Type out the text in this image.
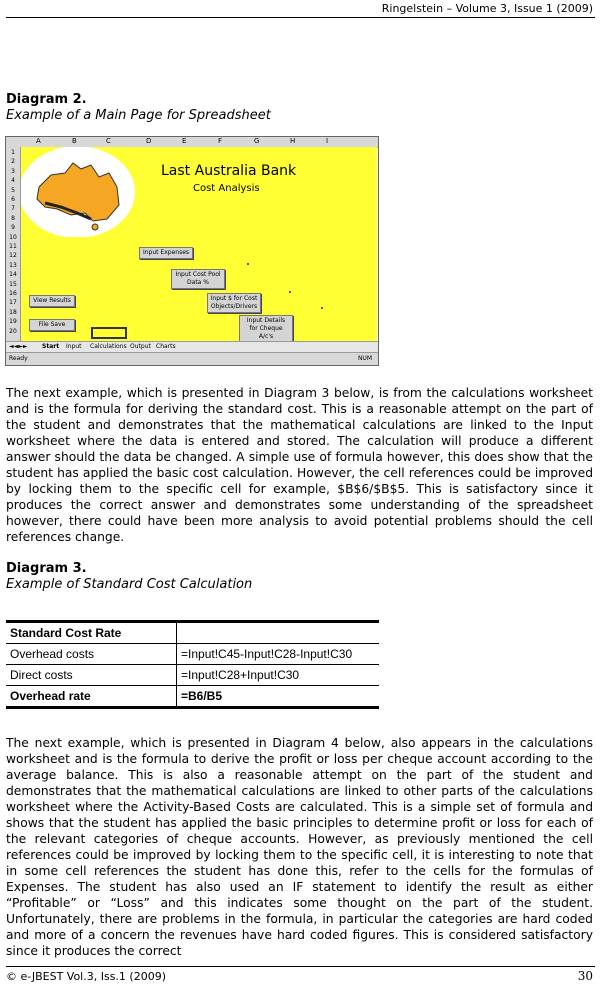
Ringelstein – Volume 3, Issue 1 (2009)
Diagram 2.
Example of a Main Page for Spreadsheet
A	B	C	D	E	F	G	H	I
1
2
3
4
5
6
7
8
9
10
11
12
13
14
15
16
17
18
19
20
Last Australia Bank
Cost Analysis
Input Expenses
Input Cost Pool Data %
Input $ for Cost Objects/Drivers
Input Details for Cheque A/c's
View Results
File Save
◄◄►► Start Input Calculations Output Charts
Ready	NUM
The next example, which is presented in Diagram 3 below, is from the calculations worksheet and is the formula for deriving the standard cost. This is a reasonable attempt on the part of the student and demonstrates that the mathematical calculations are linked to the Input worksheet where the data is entered and stored. The calculation will produce a different answer should the data be changed. A simple use of formula however, this does show that the student has applied the basic cost calculation. However, the cell references could be improved by locking them to the specific cell for example, $B$6/$B$5. This is satisfactory since it produces the correct answer and demonstrates some understanding of the spreadsheet however, there could have been more analysis to avoid potential problems should the cell references change.
Diagram 3.
Example of Standard Cost Calculation
Standard Cost Rate	
Overhead costs	=Input!C45-Input!C28-Input!C30
Direct costs	=Input!C28+Input!C30
Overhead rate	=B6/B5
The next example, which is presented in Diagram 4 below, also appears in the calculations worksheet and is the formula to derive the profit or loss per cheque account according to the average balance. This is also a reasonable attempt on the part of the student and demonstrates that the mathematical calculations are linked to other parts of the calculations worksheet where the Activity-Based Costs are calculated. This is a simple set of formula and shows that the student has applied the basic principles to determine profit or loss for each of the relevant categories of cheque accounts. However, as previously mentioned the cell references could be improved by locking them to the specific cell, it is interesting to note that in some cell references the student has done this, refer to the cells for the formulas of Expenses. The student has also used an IF statement to identify the result as either “Profitable” or “Loss” and this indicates some thought on the part of the student. Unfortunately, there are problems in the formula, in particular the categories are hard coded and more of a concern the revenues have hard coded figures. This is considered satisfactory since it produces the correct
© e-JBEST Vol.3, Iss.1 (2009)	30
